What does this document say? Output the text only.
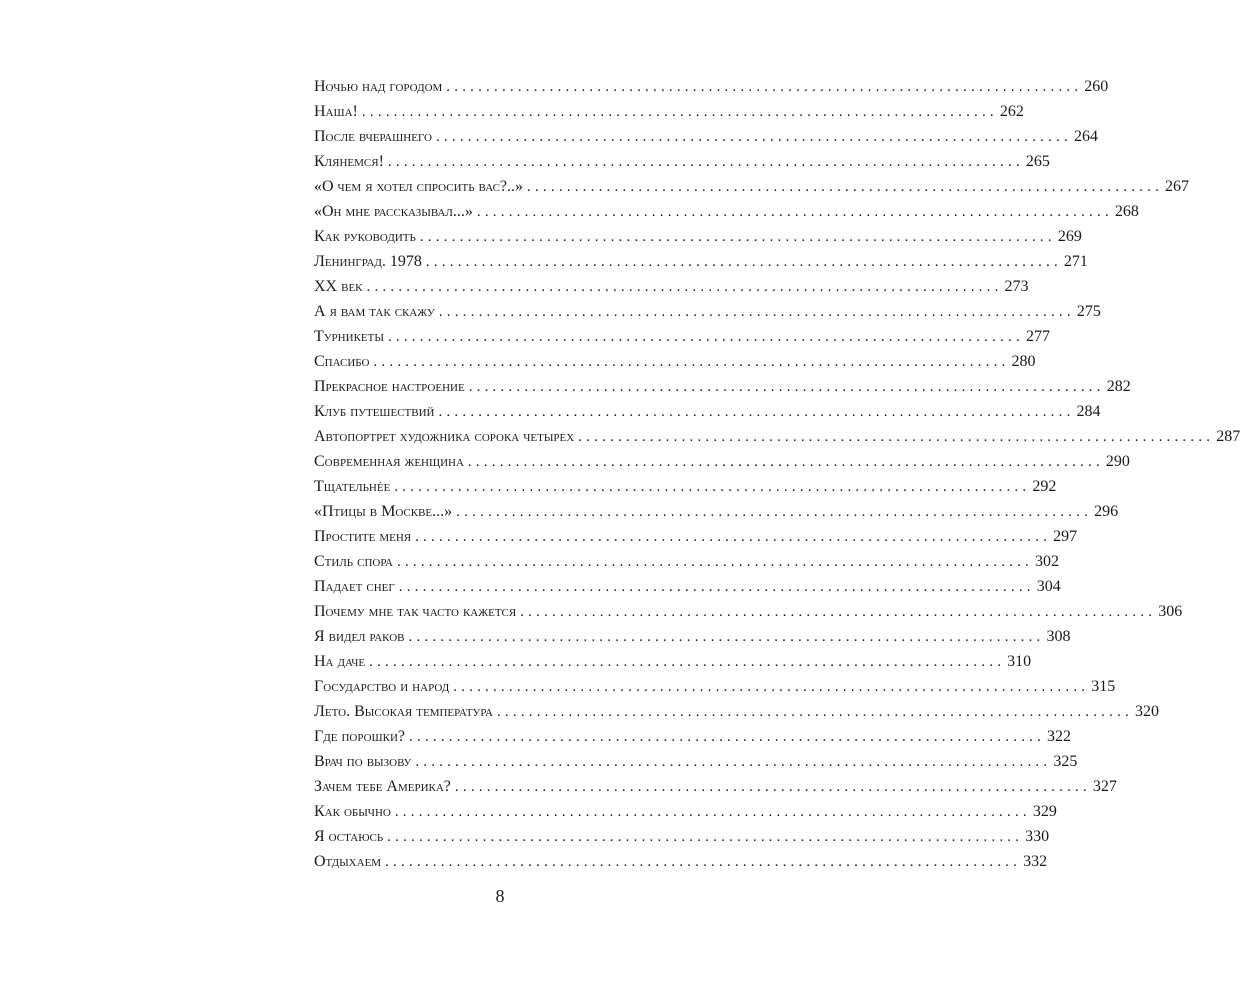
Ночью над городом ................................................................................ 260
Наша! ................................................................................ 262
После вчерашнего ................................................................................ 264
Клянемся! ................................................................................ 265
«О чем я хотел спросить вас?..» ................................................................................ 267
«Он мне рассказывал...» ................................................................................ 268
Как руководить ................................................................................ 269
Ленинград. 1978 ................................................................................ 271
XX век ................................................................................ 273
А я вам так скажу ................................................................................ 275
Турникеты ................................................................................ 277
Спасибо ................................................................................ 280
Прекрасное настроение ................................................................................ 282
Клуб путешествий ................................................................................ 284
Автопортрет художника сорока четырех ................................................................................ 287
Современная женщина ................................................................................ 290
Тщательнée ................................................................................ 292
«Птицы в Москве...» ................................................................................ 296
Простите меня ................................................................................ 297
Стиль спора ................................................................................ 302
Падает снег ................................................................................ 304
Почему мне так часто кажется ................................................................................ 306
Я видел раков ................................................................................ 308
На даче ................................................................................ 310
Государство и народ ................................................................................ 315
Лето. Высокая температура ................................................................................ 320
Где порошки? ................................................................................ 322
Врач по вызову ................................................................................ 325
Зачем тебе Америка? ................................................................................ 327
Как обычно ................................................................................ 329
Я остаюсь ................................................................................ 330
Отдыхаем ................................................................................ 332
8
